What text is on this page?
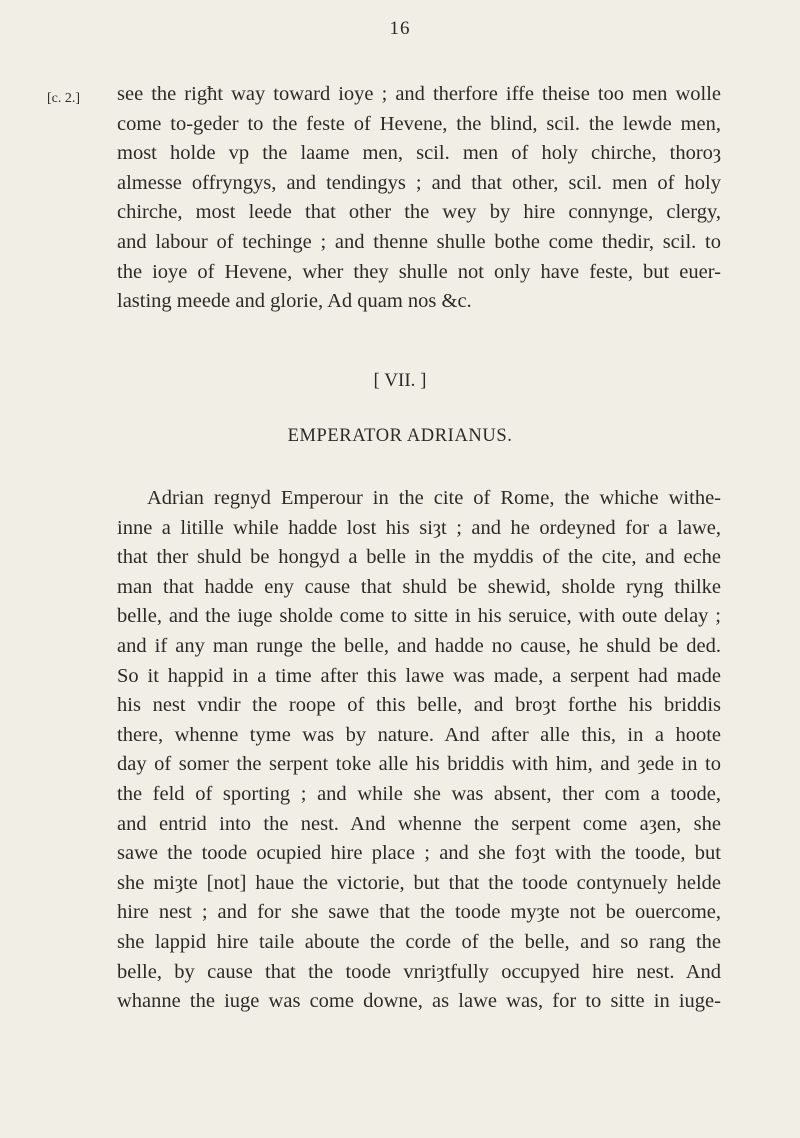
16
[c. 2.] see the rigħt way toward ioye ; and therfore iffe theise too men wolle
come to-geder to the feste of Hevene, the blind, scil. the lewde men,
most holde vp the laame men, scil. men of holy chirche, thoroȝ
almesse offryngys, and tendingys ; and that other, scil. men of holy
chirche, most leede that other the wey by hire connynge, clergy,
and labour of techinge ; and thenne shulle bothe come thedir, scil. to
the ioye of Hevene, wher they shulle not only have feste, but euer-
lasting meede and glorie, Ad quam nos &c.
[ VII. ]
EMPERATOR ADRIANUS.
Adrian regnyd Emperour in the cite of Rome, the whiche withe-
inne a litille while hadde lost his siȝt ; and he ordeyned for a lawe,
that ther shuld be hongyd a belle in the myddis of the cite, and eche
man that hadde eny cause that shuld be shewid, sholde ryng thilke
belle, and the iuge sholde come to sitte in his seruice, with oute delay ;
and if any man runge the belle, and hadde no cause, he shuld be ded.
So it happid in a time after this lawe was made, a serpent had made
his nest vndir the roope of this belle, and broȝt forthe his briddis
there, whenne tyme was by nature. And after alle this, in a hoote
day of somer the serpent toke alle his briddis with him, and ȝede in to
the feld of sporting ; and while she was absent, ther com a toode,
and entrid into the nest. And whenne the serpent come aȝen, she
sawe the toode ocupied hire place ; and she foȝt with the toode, but
she miȝte [not] haue the victorie, but that the toode contynuely helde
hire nest ; and for she sawe that the toode myȝte not be ouercome,
she lappid hire taile aboute the corde of the belle, and so rang the
belle, by cause that the toode vnriȝtfully occupyed hire nest. And
whanne the iuge was come downe, as lawe was, for to sitte in iuge-
